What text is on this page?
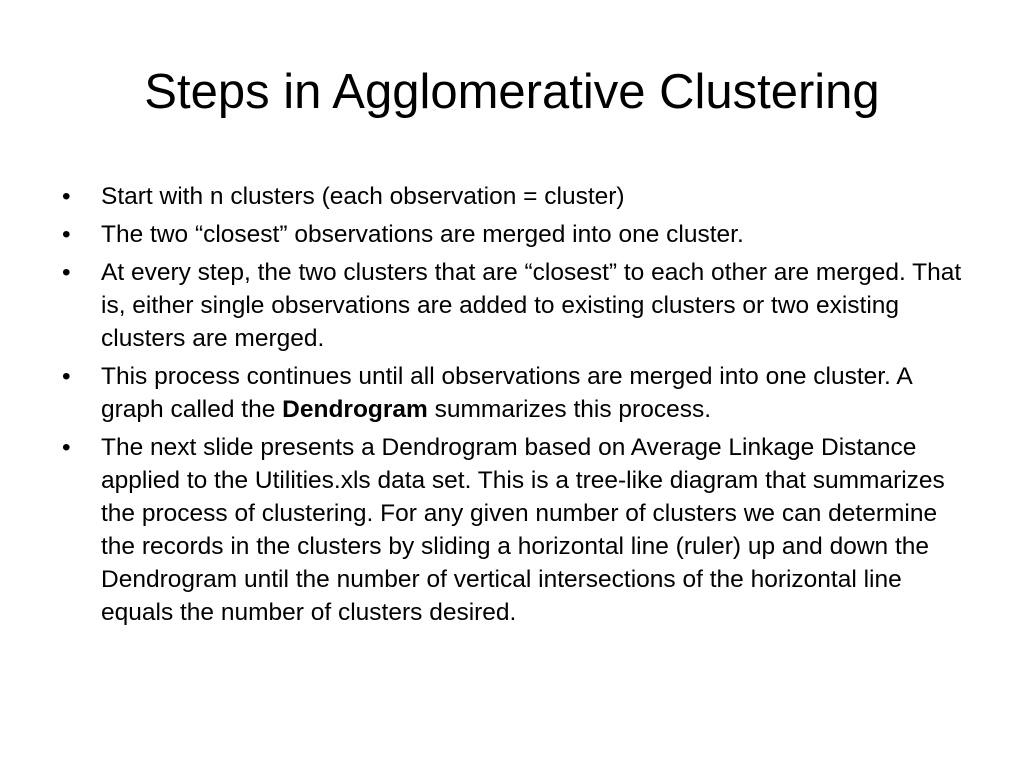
Steps in Agglomerative Clustering
•	Start with n clusters (each observation = cluster)
•	The two “closest” observations are merged into one cluster.
•	At every step, the two clusters that are “closest” to each other are merged. That is, either single observations are added to existing clusters or two existing clusters are merged.
•	This process continues until all observations are merged into one cluster. A graph called the Dendrogram summarizes this process.
•	The next slide presents a Dendrogram based on Average Linkage Distance applied to the Utilities.xls data set. This is a tree-like diagram that summarizes the process of clustering. For any given number of clusters we can determine the records in the clusters by sliding a horizontal line (ruler) up and down the Dendrogram until the number of vertical intersections of the horizontal line equals the number of clusters desired.
